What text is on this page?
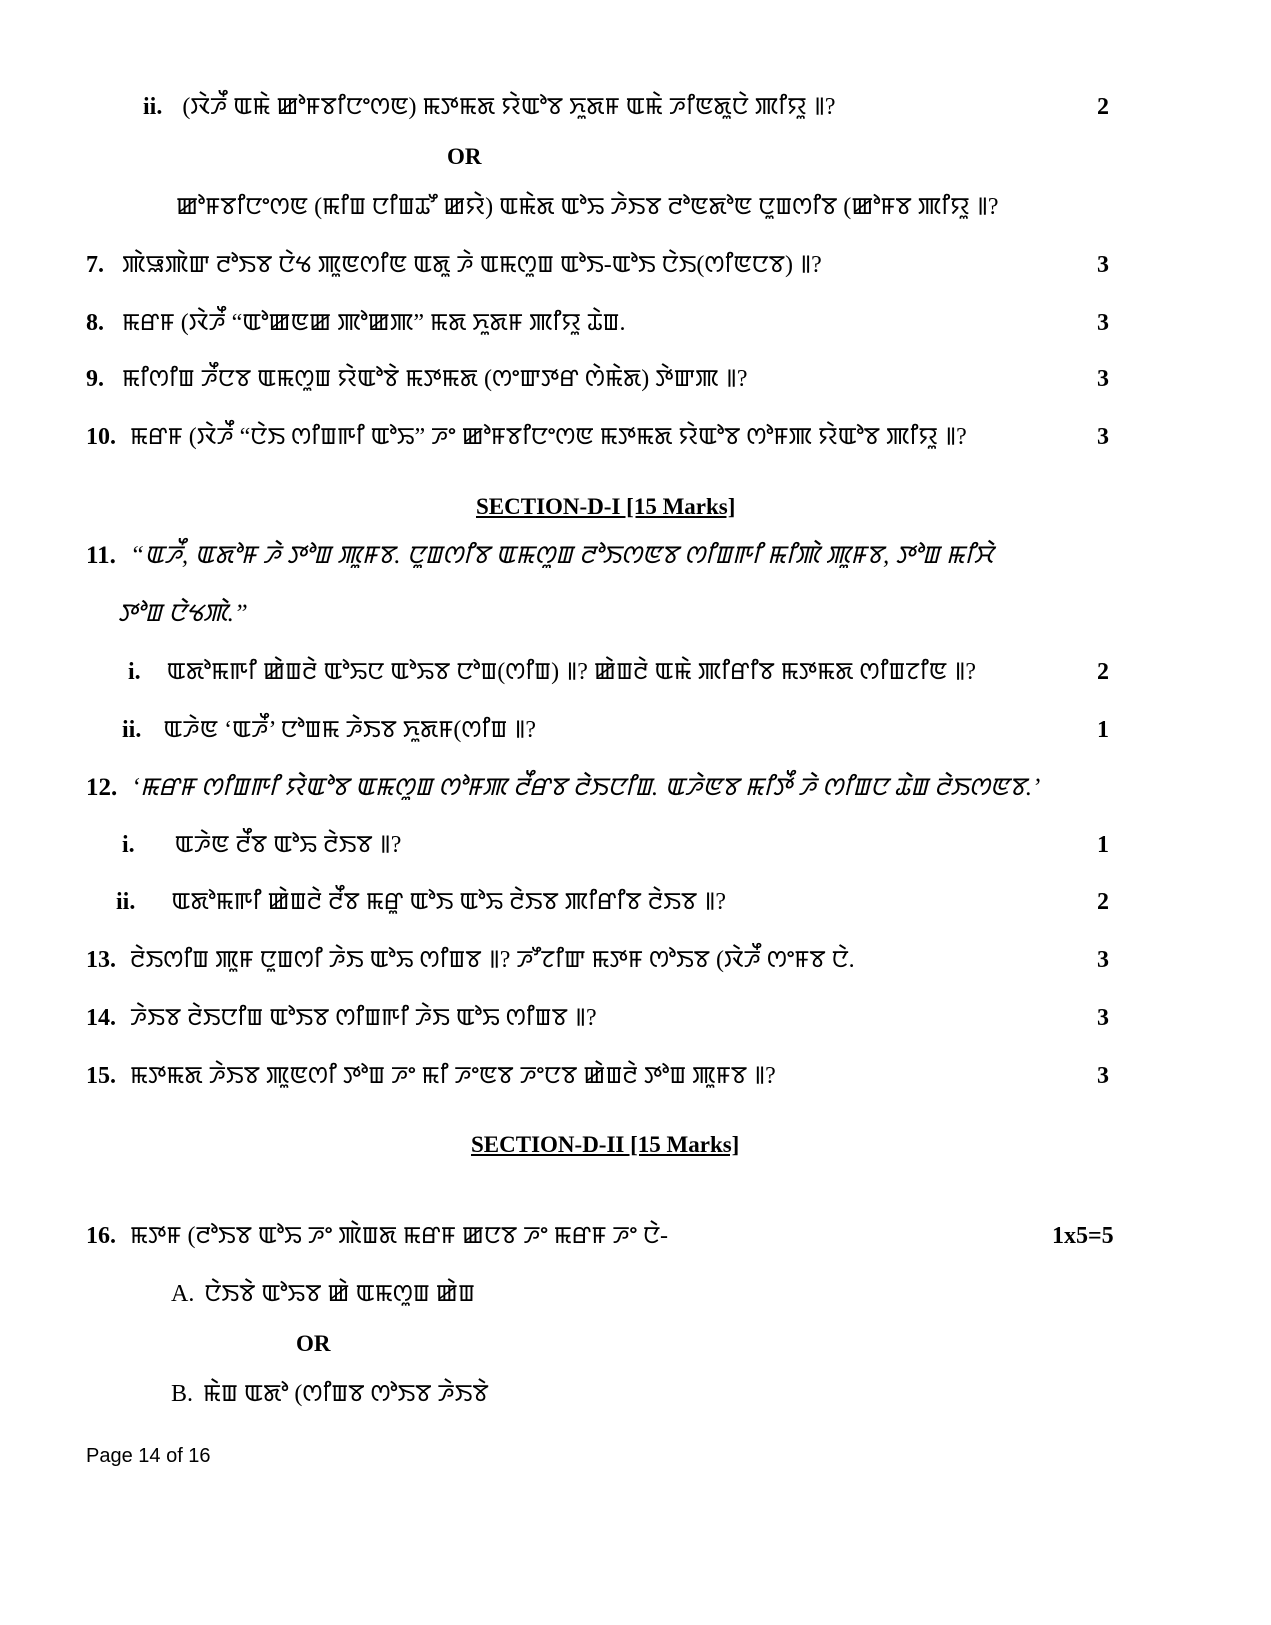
ii. (ꯋꯥꯍꯩ ꯑꯃꯥ ꯀꯣꯝꯕꯤꯅꯦꯁꯟ) ꯃꯇꯃꯗ ꯌꯥꯑꯣꯕ ꯈꯨꯗꯝ ꯑꯃꯥ ꯍꯤꯟꯗꯨꯅꯥ ꯄꯤꯌꯨ ꯫?	2
OR
ꯀꯣꯝꯕꯤꯅꯦꯁꯟ (ꯃꯤꯡ ꯅꯤꯡꯊꯧ ꯀꯌꯥ) ꯑꯃꯥꯗ ꯑꯣꯢ ꯍꯥꯏꯕ ꯂꯣꯟꯗꯣꯟ ꯅꯨꯡꯁꯤꯕ (ꯀꯣꯝꯕ ꯄꯤꯌꯨ ꯫?
7. ꯄꯥꯎꯄꯥꯛ ꯂꯣꯏꯕ ꯅꯥꯠ ꯄꯨꯟꯁꯤꯟ ꯑꯗꯨ ꯍꯥ ꯑꯃꯁꯨꯡ ꯑꯣꯏ-ꯑꯣꯏ ꯅꯥꯏ(ꯁꯤꯟꯅꯕ) ꯫?	3
8. ꯃꯔꯝ (ꯋꯥꯍꯩ “ꯑꯣꯀꯟꯀ ꯄꯣꯀꯄ” ꯃꯗ ꯈꯨꯗꯝ ꯄꯤꯌꯨ ꯊꯥꯡ.	3
9. ꯃꯤꯁꯤꯡ ꯍꯩꯅꯕ ꯑꯃꯁꯨꯡ ꯌꯥꯑꯣꯕꯥ ꯃꯇꯃꯗ (ꯁꯦꯛꯇꯔ ꯁꯥꯃꯥꯗ) ꯇꯥꯛꯄ ꯫?	3
10. ꯃꯔꯝ (ꯋꯥꯍꯩ “ꯅꯥꯏ ꯁꯤꯡꯒꯤ ꯑꯣꯢ” ꯍꯦ ꯀꯣꯝꯕꯤꯅꯦꯁꯟ ꯃꯇꯃꯗ ꯌꯥꯑꯣꯕ ꯁꯣꯝꯄ ꯌꯥꯑꯣꯕ ꯄꯤꯌꯨ ꯫?	3
SECTION-D-I [15 Marks]
11. “ꯑꯍꯩ, ꯑꯗꯣꯝ ꯍꯥ ꯇꯣꯡ ꯄꯨꯝꯕ. ꯅꯨꯡꯁꯤꯕ ꯑꯃꯁꯨꯡ ꯂꯣꯏꯁꯟꯕ ꯁꯤꯡꯒꯤ ꯃꯤꯄꯥ ꯄꯨꯝꯕ, ꯇꯣꯡ ꯃꯤꯆꯥ
ꯇꯣꯡ ꯅꯥꯠꯄꯥ.”
i. ꯑꯗꯣꯃꯒꯤ ꯀꯥꯡꯂꯥ ꯑꯣꯢꯅ ꯑꯣꯢꯕ ꯅꯣꯡ(ꯁꯤꯡ) ꯫? ꯀꯥꯡꯂꯥ ꯑꯃꯥ ꯄꯤꯔꯤꯕ ꯃꯇꯃꯗ ꯁꯤꯡꯖꯤꯟ ꯫?	2
ii. ꯑꯍꯥꯟ ‘ꯑꯍꯩ’ ꯅꯣꯡꯃ ꯍꯥꯏꯕ ꯈꯨꯗꯝ(ꯁꯤꯡ ꯫?	1
12. ‘ꯃꯔꯝ ꯁꯤꯡꯒꯤ ꯌꯥꯑꯣꯕ ꯑꯃꯁꯨꯡ ꯁꯣꯝꯄ ꯂꯩꯔꯕ ꯂꯥꯏꯅꯤꯡ. ꯑꯍꯥꯟꯕ ꯃꯤꯇꯩ ꯍꯥ ꯁꯤꯡꯅ ꯊꯥꯡ ꯂꯥꯏꯁꯟꯕ.’
i. ꯑꯍꯥꯟ ꯂꯩꯕ ꯑꯣꯢ ꯂꯥꯏꯕ ꯫?	1
ii. ꯑꯗꯣꯃꯒꯤ ꯀꯥꯡꯂꯥ ꯂꯩꯕ ꯃꯔꯨ ꯑꯣꯏ ꯑꯣꯢ ꯂꯥꯏꯕ ꯄꯤꯔꯤꯕ ꯂꯥꯏꯕ ꯫?	2
13. ꯂꯥꯏꯁꯤꯡ ꯄꯨꯝ ꯅꯨꯡꯁꯤ ꯍꯥꯏ ꯑꯣꯢ ꯁꯤꯡꯕ ꯫? ꯍꯧꯖꯤꯛ ꯃꯇꯝ ꯁꯣꯏꯕ (ꯋꯥꯍꯩ ꯁꯦꯝꯕ ꯅꯥ.	3
14. ꯍꯥꯏꯕ ꯂꯥꯏꯅꯤꯡ ꯑꯣꯏꯕ ꯁꯤꯡꯒꯤ ꯍꯥꯏ ꯑꯣꯢ ꯁꯤꯡꯕ ꯫?	3
15. ꯃꯇꯃꯗ ꯍꯥꯏꯕ ꯄꯨꯟꯁꯤ ꯇꯣꯡ ꯍꯦ ꯃꯤ ꯍꯦꯟꯕ ꯍꯦꯅꯕ ꯀꯥꯡꯂꯥ ꯇꯣꯡ ꯄꯨꯝꯕ ꯫?	3
SECTION-D-II [15 Marks]
16. ꯃꯇꯝ (ꯂꯣꯏꯕ ꯑꯣꯢ ꯍꯦ ꯄꯥꯡꯗ ꯃꯔꯝ ꯀꯅꯕ ꯍꯦ ꯃꯔꯝ ꯍꯦ ꯅꯥ-	1x5=5
A. ꯅꯥꯏꯕꯥ ꯑꯣꯢꯕ ꯀꯥ ꯑꯃꯁꯨꯡ ꯀꯥꯡ
OR
B. ꯃꯥꯡ ꯑꯗꯣ (ꯁꯤꯡꯕ ꯁꯣꯏꯕ ꯍꯥꯏꯕꯥ
Page 14 of 16
